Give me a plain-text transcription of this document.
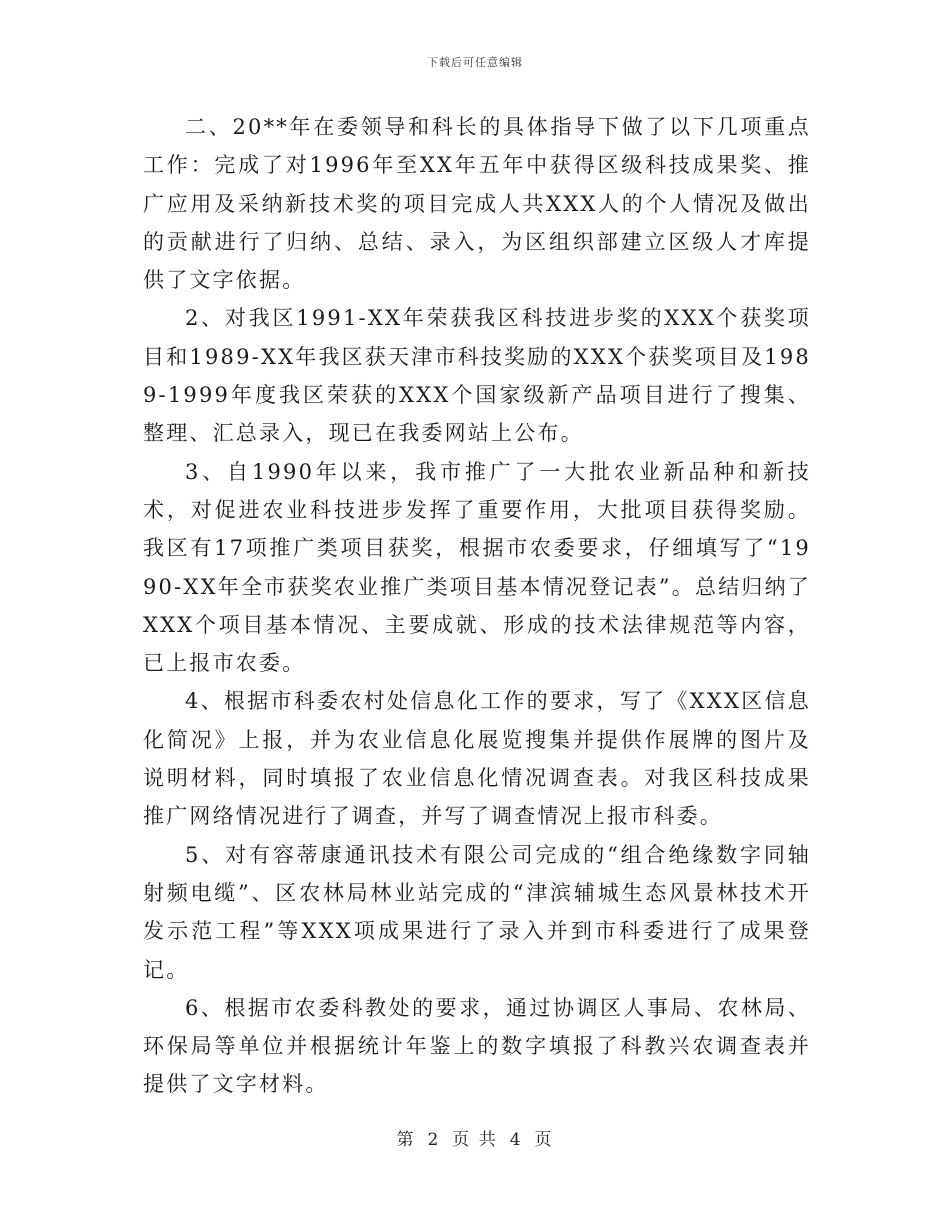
下载后可任意编辑

二、20**年在委领导和科长的具体指导下做了以下几项重点工作：完成了对1996年至XX年五年中获得区级科技成果奖、推广应用及采纳新技术奖的项目完成人共XXX人的个人情况及做出的贡献进行了归纳、总结、录入，为区组织部建立区级人才库提供了文字依据。

2、对我区1991-XX年荣获我区科技进步奖的XXX个获奖项目和1989-XX年我区获天津市科技奖励的XXX个获奖项目及1989-1999年度我区荣获的XXX个国家级新产品项目进行了搜集、整理、汇总录入，现已在我委网站上公布。

3、自1990年以来，我市推广了一大批农业新品种和新技术，对促进农业科技进步发挥了重要作用，大批项目获得奖励。我区有17项推广类项目获奖，根据市农委要求，仔细填写了“1990-XX年全市获奖农业推广类项目基本情况登记表”。总结归纳了XXX个项目基本情况、主要成就、形成的技术法律规范等内容，已上报市农委。

4、根据市科委农村处信息化工作的要求，写了《XXX区信息化简况》上报，并为农业信息化展览搜集并提供作展牌的图片及说明材料，同时填报了农业信息化情况调查表。对我区科技成果推广网络情况进行了调查，并写了调查情况上报市科委。

5、对有容蒂康通讯技术有限公司完成的“组合绝缘数字同轴射频电缆”、区农林局林业站完成的“津滨辅城生态风景林技术开发示范工程”等XXX项成果进行了录入并到市科委进行了成果登记。

6、根据市农委科教处的要求，通过协调区人事局、农林局、环保局等单位并根据统计年鉴上的数字填报了科教兴农调查表并提供了文字材料。

第 2 页 共 4 页
